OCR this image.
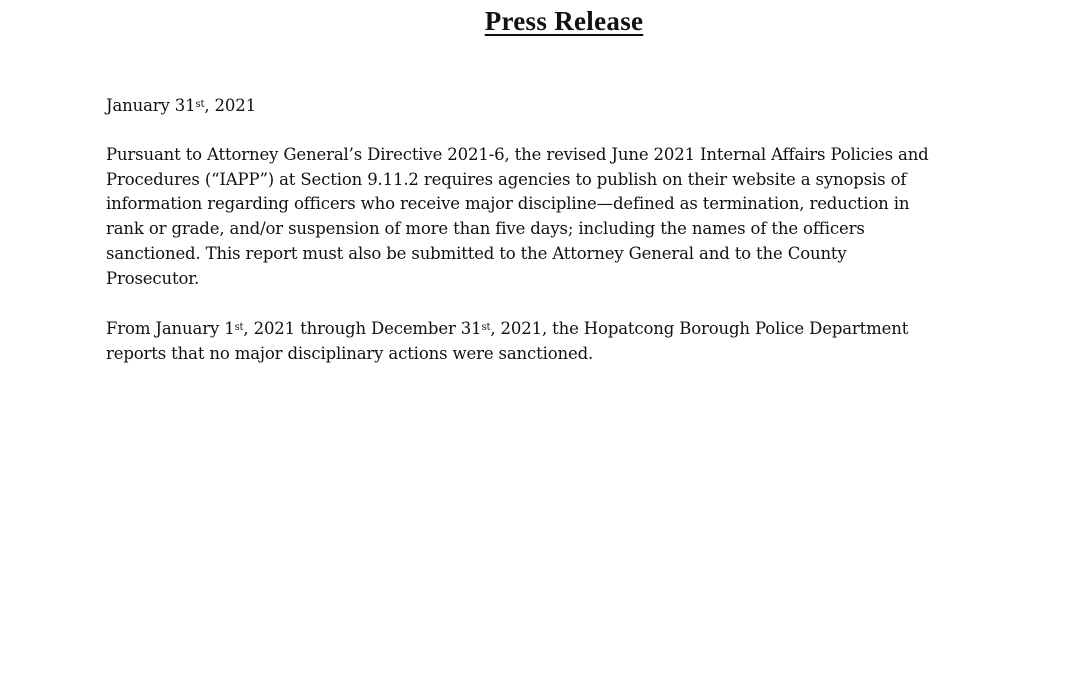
Press Release
January 31st, 2021
Pursuant to Attorney General’s Directive 2021-6, the revised June 2021 Internal Affairs Policies and
Procedures (“IAPP”) at Section 9.11.2 requires agencies to publish on their website a synopsis of
information regarding officers who receive major discipline—defined as termination, reduction in
rank or grade, and/or suspension of more than five days; including the names of the officers
sanctioned. This report must also be submitted to the Attorney General and to the County
Prosecutor.
From January 1st, 2021 through December 31st, 2021, the Hopatcong Borough Police Department
reports that no major disciplinary actions were sanctioned.
